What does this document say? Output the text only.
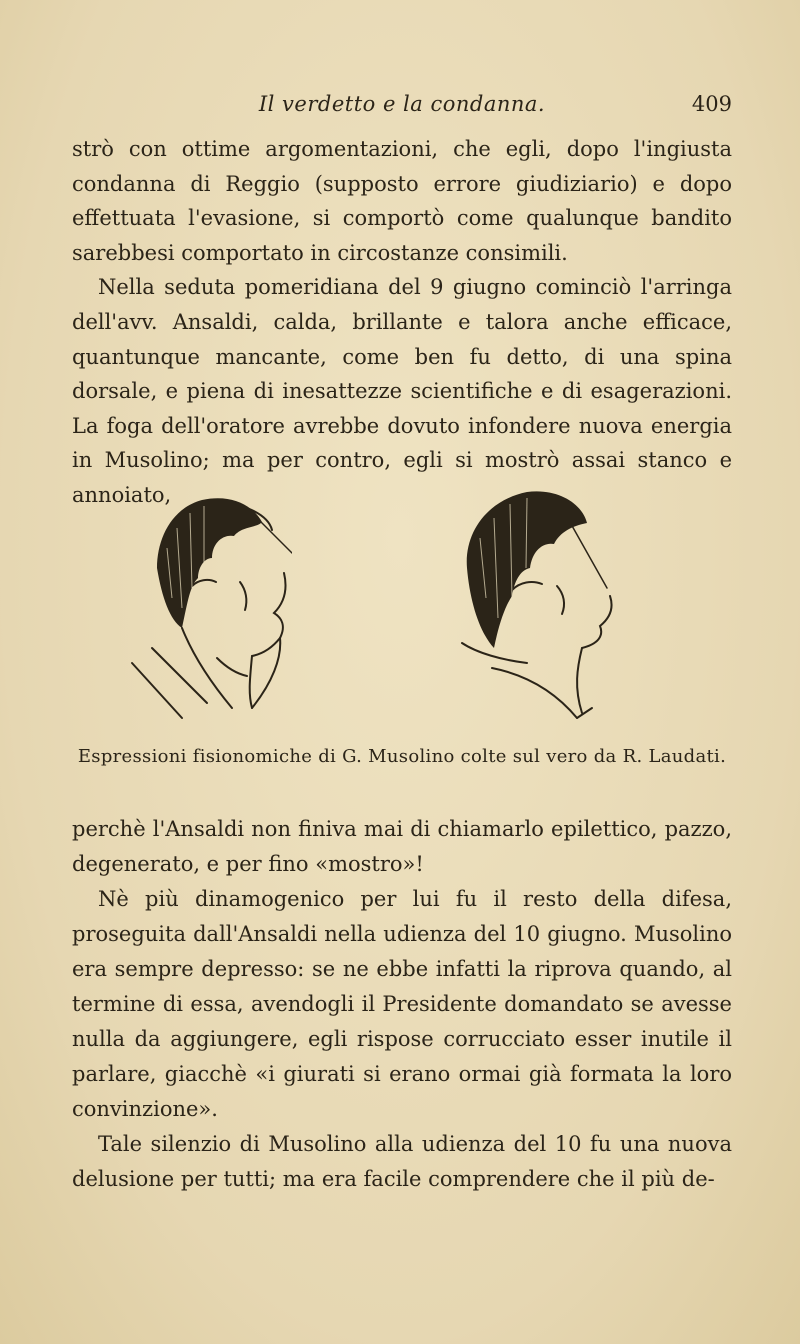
Il verdetto e la condanna.	409

strò con ottime argomentazioni, che egli, dopo l'ingiusta condanna di Reggio (supposto errore giudiziario) e dopo effettuata l'evasione, si comportò come qualunque bandito sarebbesi comportato in circostanze consimili.

Nella seduta pomeridiana del 9 giugno cominciò l'arringa dell'avv. Ansaldi, calda, brillante e talora anche efficace, quantunque mancante, come ben fu detto, di una spina dorsale, e piena di inesattezze scientifiche e di esagerazioni. La foga dell'oratore avrebbe dovuto infondere nuova energia in Musolino; ma per contro, egli si mostrò assai stanco e annoiato,

Espressioni fisionomiche di G. Musolino colte sul vero da R. Laudati.

perchè l'Ansaldi non finiva mai di chiamarlo epilettico, pazzo, degenerato, e per fino «mostro»!

Nè più dinamogenico per lui fu il resto della difesa, proseguita dall'Ansaldi nella udienza del 10 giugno. Musolino era sempre depresso: se ne ebbe infatti la riprova quando, al termine di essa, avendogli il Presidente domandato se avesse nulla da aggiungere, egli rispose corrucciato esser inutile il parlare, giacchè «i giurati si erano ormai già formata la loro convinzione».

Tale silenzio di Musolino alla udienza del 10 fu una nuova delusione per tutti; ma era facile comprendere che il più de-
